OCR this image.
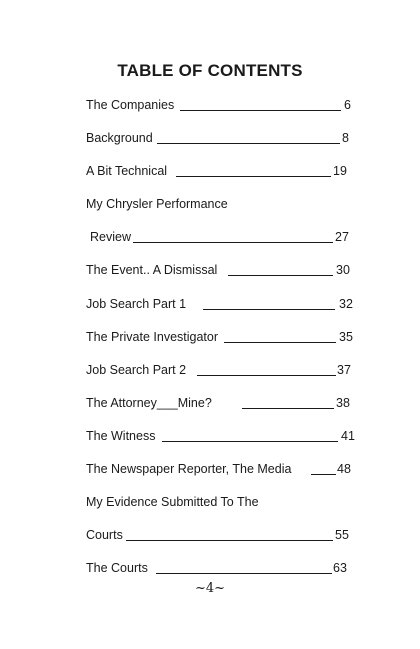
TABLE OF CONTENTS
The Companies	6
Background	8
A Bit Technical	19
My Chrysler Performance
Review	27
The Event.. A Dismissal	30
Job Search Part 1	32
The Private Investigator	35
Job Search Part 2	37
The Attorney___Mine?	38
The Witness	41
The Newspaper Reporter, The Media	48
My Evidence Submitted To The
Courts	55
The Courts	63
~4~
